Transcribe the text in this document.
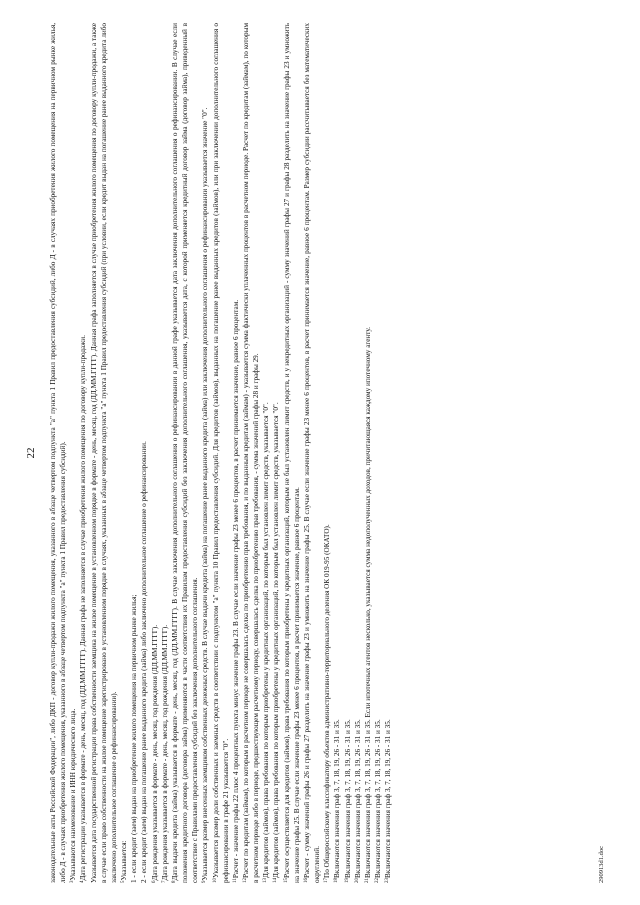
22 законодательные акты Российской Федерации", либо ДКП - договор купли-продажи жилого помещения, указанного в абзаце четвертом подпункта "а" пункта 1 Правил предоставления субсидий, либо Д - в случаях приобретения жилого помещения на первичном рынке жилья, либо Д - в случаях приобретения жилого помещения, указанного в абзаце четвертом подпункта "а" пункта 1 Правил предоставления субсидий). $^3$Указываются наименование и ИНН юридического лица.

$^4$Дата регистрации указывается в формате - день, месяц, год (ДД.ММ.ГГГГ). Данная графа не заполняется в случае приобретения жилого помещения по договору купли-продажи. Указывается дата государственной регистрации права собственности заемщика на жилое помещение в установленном порядке в формате - день, месяц, год (ДД.ММ.ГГГГ). Данная графа заполняется в случае приобретения жилого помещения по договору купли-продажи, а также в случае если право собственности на жилое помещение зарегистрировано в установленном порядке в случаях, указанных в абзаце четвертом подпункта "а" пункта 1 Правил предоставления субсидий (при условии, если кредит выдан на погашение ранее выданного кредита либо заключено дополнительное соглашение о рефинансировании). $^5$Указывается: 1 - если кредит (заем) выдан на приобретение жилого помещения на первичном рынке жилья; 2 - если кредит (заем) выдан на погашение ранее выданного кредита (займа) либо заключено дополнительное соглашение о рефинансировании. $^6$Дата рождения указывается в формате - день, месяц, год рождения (ДД.ММ.ГГГГ).

$^7$Дата рождения указывается в формате - день, месяц, год рождения (ДД.ММ.ГГГГ).

$^8$Дата выдачи кредита (займа) указывается в формате - день, месяц, год (ДД.ММ.ГГГГ). В случае заключения дополнительного соглашения о рефинансировании в данной графе указывается дата заключения дополнительного соглашения о рефинансировании. В случае если положения кредитного договора (договора займа) применяются в части соответствия их Правилам предоставления субсидий без заключения дополнительного соглашения, указывается дата, с которой применяется кредитный договор займа (договор займа), приведенный в соответствие с Правилами предоставления субсидий без заключения дополнительного соглашения. $^9$Указывается размер внесенных заемщиком собственных денежных средств. В случае выдачи кредита (займа) на погашение ранее выданного кредита (займа) или заключения дополнительного соглашения о рефинансировании указывается значение "0". $^{10}$Указывается размер доли собственных и заемных средств в соответствии с подпунктом "а" пункта 10 Правил предоставления субсидий. Для кредитов (займов), выданных на погашение ранее выданных кредитов (займов), или при заключении дополнительного соглашения о рефинансировании в графе 21 указывается "0". $^{11}$Расчет - значение графы 22 плюс 4 процентных пункта минус значение графы 23. В случае если значение графы 23 менее 6 процентов, в расчет принимается значение, равное 6 процентам.

$^{12}$Расчет по кредитам (займам), по которым в расчетном периоде не совершалась сделка по приобретению прав требования, и по выданным кредитам (займам) - указывается сумма фактически уплаченных процентов в расчетном периоде. Расчет по кредитам (займам), по которым в расчетном периоде либо в периоде, предшествующем расчетному периоду, совершалась сделка по приобретению прав требования, - сумма значений графы 28 и графы 29. $^{13}$Для кредитов (займов), права требования по которым приобретены у кредитных организаций, по которым был установлен лимит средств, указывается "0".

$^{14}$Для кредитов (займов), права требования по которым приобретены у кредитных организаций, по которым был установлен лимит средств, указывается "0".

$^{15}$Расчет осуществляется для кредитов (займов), права требования по которым приобретены у кредитных организаций, которым не был установлен лимит средств, и у некредитных организаций - сумму значений графы 27 и графы 28 разделить на значение графы 23 и умножить на значение графы 25. В случае если значение графы 23 менее 6 процентов, в расчет принимается значение, равное 6 процентам. $^{16}$Расчет - сумму значений графы 26 и графы 27 разделить на значение графы 23 и умножить на значение графы 25. В случае если значение графы 23 менее 6 процентов, в расчет принимается значение, равное 6 процентам. Размер субсидии рассчитывается без математических округлений. $^{17}$По Общероссийскому классификатору объектов административно-территориального деления ОК 019-95 (ОКАТО).

$^{18}$Включаются значения граф 3, 7, 18, 19, 26 - 31 и 35.

$^{19}$Включаются значения граф 3, 7, 18, 19, 26 - 31 и 35.

$^{20}$Включаются значения граф 3, 7, 18, 19, 26 - 31 и 35.

$^{21}$Включаются значения граф 3, 7, 18, 19, 26 - 31 и 35. Если ипотечных агентов несколько, указывается сумма недополученных доходов, причитающаяся каждому ипотечному агенту.

$^{22}$Включаются значения граф 3, 7, 18, 19, 26 - 31 и 35.

$^{23}$Включаются значения граф 3, 7, 18, 19, 26 - 31 и 35.	290913d1.doc
